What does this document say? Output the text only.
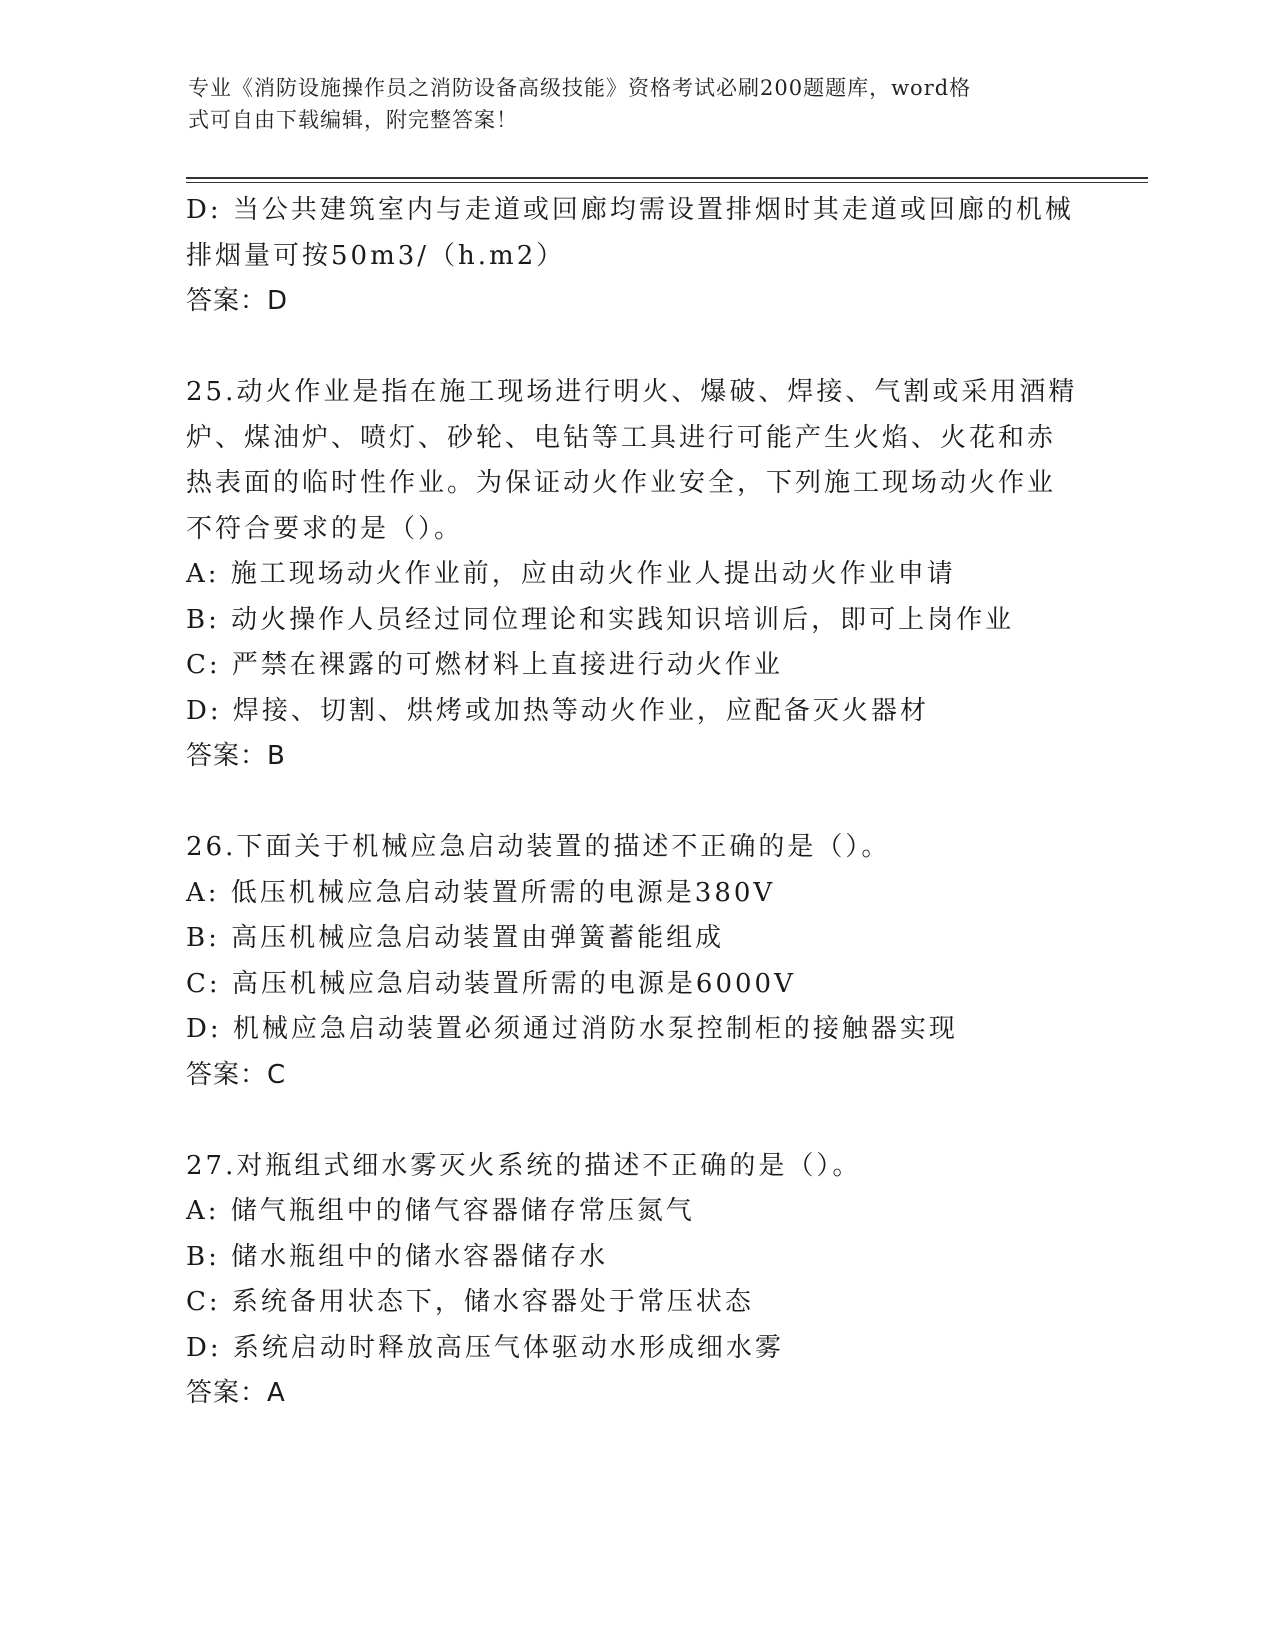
专业《消防设施操作员之消防设备高级技能》资格考试必刷200题题库，word格
式可自由下载编辑，附完整答案！
D: 当公共建筑室内与走道或回廊均需设置排烟时其走道或回廊的机械
排烟量可按50m3/（h.m2）
答案：D
25.动火作业是指在施工现场进行明火、爆破、焊接、气割或采用酒精
炉、煤油炉、喷灯、砂轮、电钻等工具进行可能产生火焰、火花和赤
热表面的临时性作业。为保证动火作业安全，下列施工现场动火作业
不符合要求的是（）。
A: 施工现场动火作业前，应由动火作业人提出动火作业申请
B: 动火操作人员经过同位理论和实践知识培训后，即可上岗作业
C: 严禁在裸露的可燃材料上直接进行动火作业
D: 焊接、切割、烘烤或加热等动火作业，应配备灭火器材
答案：B
26.下面关于机械应急启动装置的描述不正确的是（）。
A: 低压机械应急启动装置所需的电源是380V
B: 高压机械应急启动装置由弹簧蓄能组成
C: 高压机械应急启动装置所需的电源是6000V
D: 机械应急启动装置必须通过消防水泵控制柜的接触器实现
答案：C
27.对瓶组式细水雾灭火系统的描述不正确的是（）。
A: 储气瓶组中的储气容器储存常压氮气
B: 储水瓶组中的储水容器储存水
C: 系统备用状态下，储水容器处于常压状态
D: 系统启动时释放高压气体驱动水形成细水雾
答案：A
